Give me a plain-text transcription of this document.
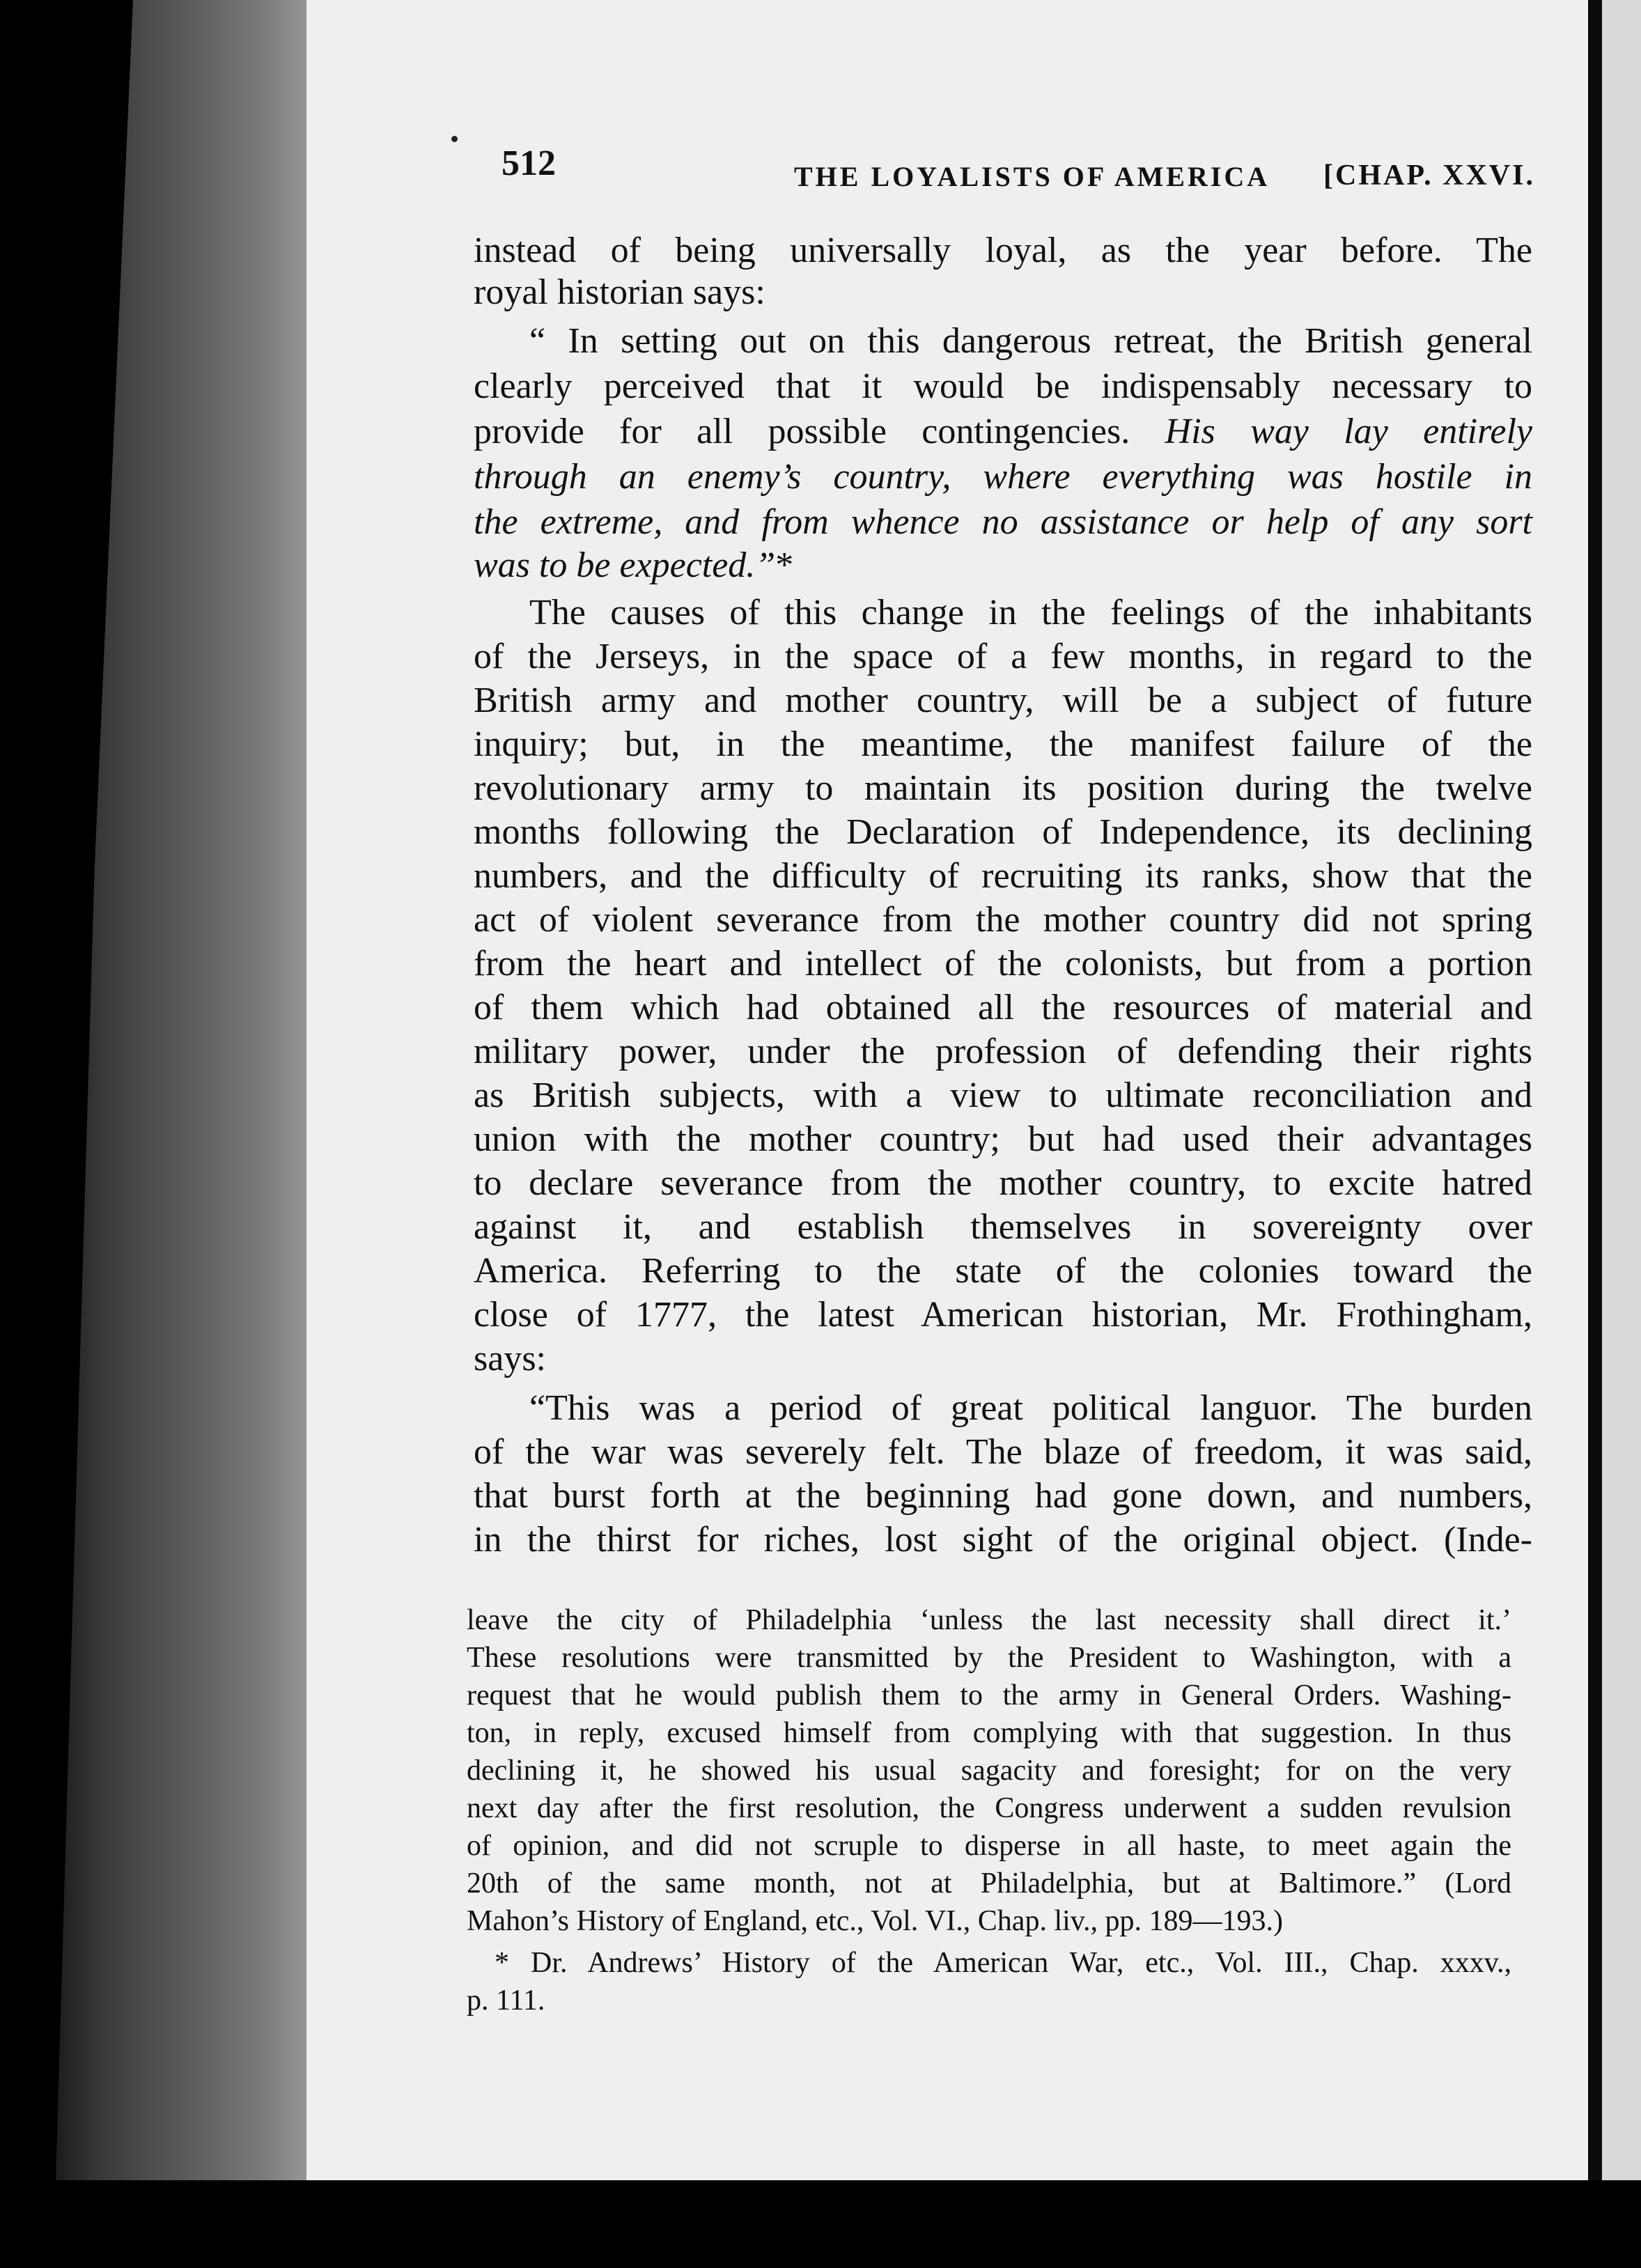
512	THE LOYALISTS OF AMERICA [CHAP. XXVI.
instead of being universally loyal, as the year before. The
royal historian says:
“ In setting out on this dangerous retreat, the British general
clearly perceived that it would be indispensably necessary to
provide for all possible contingencies. His way lay entirely
through an enemy’s country, where everything was hostile in
the extreme, and from whence no assistance or help of any sort
was to be expected.”*
The causes of this change in the feelings of the inhabitants
of the Jerseys, in the space of a few months, in regard to the
British army and mother country, will be a subject of future
inquiry; but, in the meantime, the manifest failure of the
revolutionary army to maintain its position during the twelve
months following the Declaration of Independence, its declining
numbers, and the difficulty of recruiting its ranks, show that the
act of violent severance from the mother country did not spring
from the heart and intellect of the colonists, but from a portion
of them which had obtained all the resources of material and
military power, under the profession of defending their rights
as British subjects, with a view to ultimate reconciliation and
union with the mother country; but had used their advantages
to declare severance from the mother country, to excite hatred
against it, and establish themselves in sovereignty over
America. Referring to the state of the colonies toward the
close of 1777, the latest American historian, Mr. Frothingham,
says:
“This was a period of great political languor. The burden
of the war was severely felt. The blaze of freedom, it was said,
that burst forth at the beginning had gone down, and numbers,
in the thirst for riches, lost sight of the original object. (Inde-
leave the city of Philadelphia ‘unless the last necessity shall direct it.’
These resolutions were transmitted by the President to Washington, with a
request that he would publish them to the army in General Orders. Washing-
ton, in reply, excused himself from complying with that suggestion. In thus
declining it, he showed his usual sagacity and foresight; for on the very
next day after the first resolution, the Congress underwent a sudden revulsion
of opinion, and did not scruple to disperse in all haste, to meet again the
20th of the same month, not at Philadelphia, but at Baltimore.” (Lord
Mahon’s History of England, etc., Vol. VI., Chap. liv., pp. 189—193.)
* Dr. Andrews’ History of the American War, etc., Vol. III., Chap. xxxv.,
p. 111.
